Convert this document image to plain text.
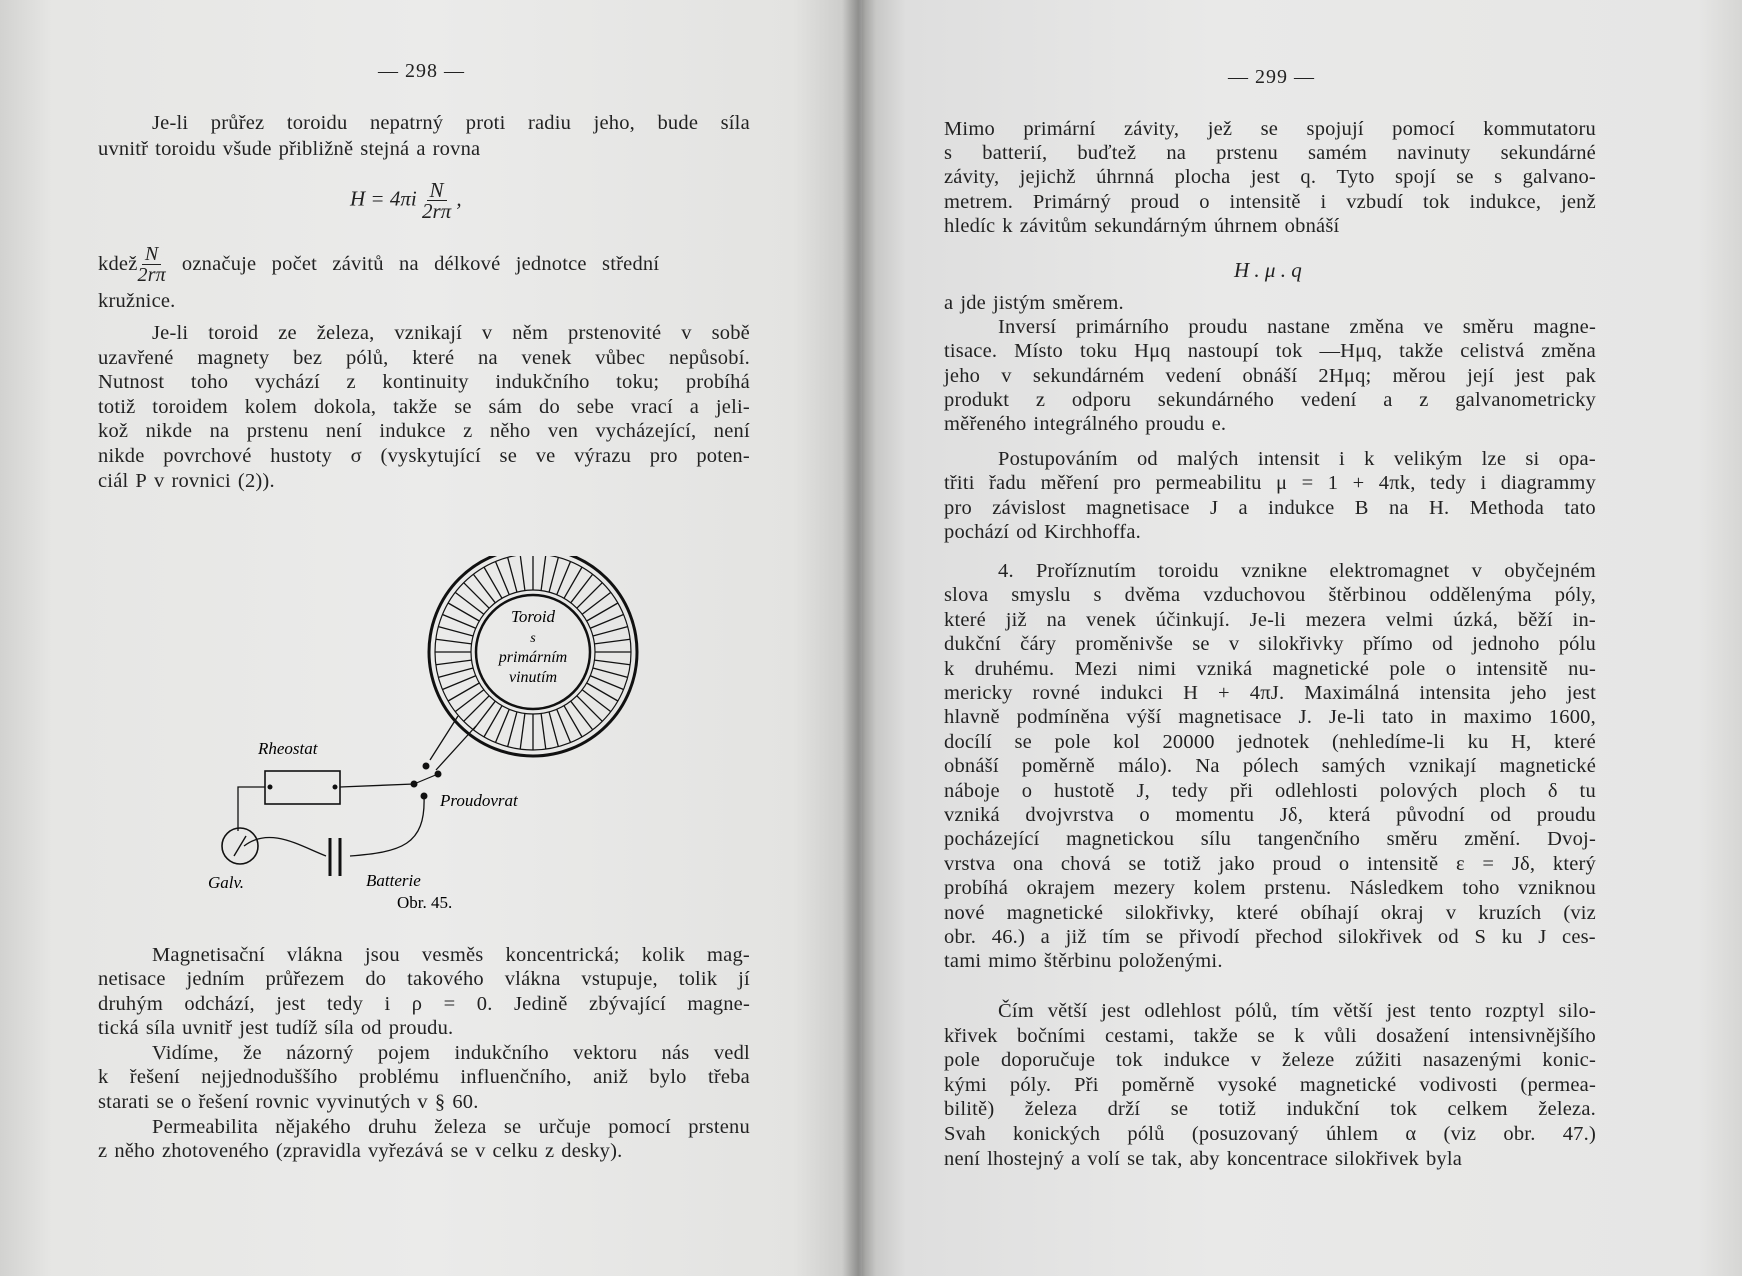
— 298 —
Je-li průřez toroidu nepatrný proti radiu jeho, bude síla
uvnitř toroidu všude přibližně stejná a rovna
$H = 4\pi i \frac{N}{2r\pi}$ ,
kdež $\frac{N}{2r\pi}$ označuje počet závitů na délkové jednotce střední
kružnice.
Je-li toroid ze železa, vznikají v něm prstenovité v sobě
uzavřené magnety bez pólů, které na venek vůbec nepůsobí.
Nutnost toho vychází z kontinuity indukčního toku; probíhá
totiž toroidem kolem dokola, takže se sám do sebe vrací a jeli-
kož nikde na prstenu není indukce z něho ven vycházející, není
nikde povrchové hustoty σ (vyskytující se ve výrazu pro poten-
ciál P v rovnici (2)).
Magnetisační vlákna jsou vesměs koncentrická; kolik mag-
netisace jedním průřezem do takového vlákna vstupuje, tolik jí
druhým odchází, jest tedy i ρ = 0. Jedině zbývající magne-
tická síla uvnitř jest tudíž síla od proudu.
Vidíme, že názorný pojem indukčního vektoru nás vedl
k řešení nejjednoduššího problému influenčního, aniž bylo třeba
starati se o řešení rovnic vyvinutých v § 60.
Permeabilita nějakého druhu železa se určuje pomocí prstenu
z něho zhotoveného (zpravidla vyřezává se v celku z desky).
Toroid
s
primárním
vinutím
Rheostat
Galv.	Batterie
Proudovrat
Obr. 45.
— 299 —
Mimo primární závity, jež se spojují pomocí kommutatoru
s batterií, buďtež na prstenu samém navinuty sekundárné
závity, jejichž úhrnná plocha jest q. Tyto spojí se s galvano-
metrem. Primárný proud o intensitě i vzbudí tok indukce, jenž
hledíc k závitům sekundárným úhrnem obnáší
H . μ . q
a jde jistým směrem.
Inversí primárního proudu nastane změna ve směru magne-
tisace. Místo toku Hμq nastoupí tok —Hμq, takže celistvá změna
jeho v sekundárném vedení obnáší 2Hμq; měrou její jest pak
produkt z odporu sekundárného vedení a z galvanometricky
měřeného integrálného proudu e.
Postupováním od malých intensit i k velikým lze si opa-
třiti řadu měření pro permeabilitu μ = 1 + 4πk, tedy i diagrammy
pro závislost magnetisace J a indukce B na H. Methoda tato
pochází od Kirchhoffa.
4. Proříznutím toroidu vznikne elektromagnet v obyčejném
slova smyslu s dvěma vzduchovou štěrbinou oddělenýma póly,
které již na venek účinkují. Je-li mezera velmi úzká, běží in-
dukční čáry proměnivše se v silokřivky přímo od jednoho pólu
k druhému. Mezi nimi vzniká magnetické pole o intensitě nu-
mericky rovné indukci H + 4πJ. Maximálná intensita jeho jest
hlavně podmíněna výší magnetisace J. Je-li tato in maximo 1600,
docílí se pole kol 20000 jednotek (nehledíme-li ku H, které
obnáší poměrně málo). Na pólech samých vznikají magnetické
náboje o hustotě J, tedy při odlehlosti polových ploch δ tu
vzniká dvojvrstva o momentu Jδ, která původní od proudu
pocházející magnetickou sílu tangenčního směru změní. Dvoj-
vrstva ona chová se totiž jako proud o intensitě ε = Jδ, který
probíhá okrajem mezery kolem prstenu. Následkem toho vzniknou
nové magnetické silokřivky, které obíhají okraj v kruzích (viz
obr. 46.) a již tím se přivodí přechod silokřivek od S ku J ces-
tami mimo štěrbinu položenými.
Čím větší jest odlehlost pólů, tím větší jest tento rozptyl silo-
křivek bočními cestami, takže se k vůli dosažení intensivnějšího
pole doporučuje tok indukce v železe zúžiti nasazenými konic-
kými póly. Při poměrně vysoké magnetické vodivosti (permea-
bilitě) železa drží se totiž indukční tok celkem železa.
Svah konických pólů (posuzovaný úhlem α (viz obr. 47.)
není lhostejný a volí se tak, aby koncentrace silokřivek byla
